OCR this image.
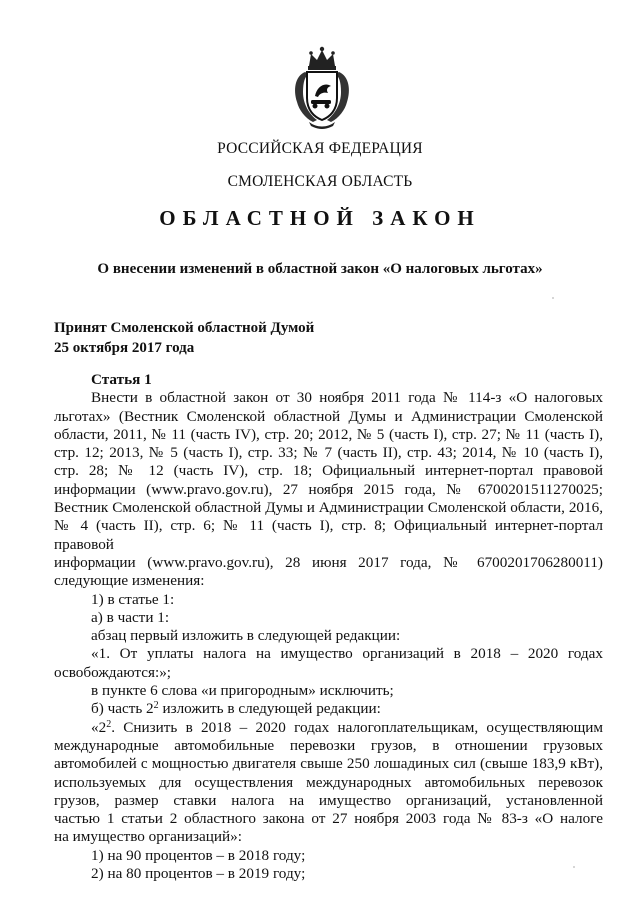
РОССИЙСКАЯ ФЕДЕРАЦИЯ
СМОЛЕНСКАЯ ОБЛАСТЬ
ОБЛАСТНОЙ ЗАКОН
О внесении изменений в областной закон «О налоговых льготах»
Принят Смоленской областной Думой
25 октября 2017 года

Статья 1

Внести в областной закон от 30 ноября 2011 года № 114-з «О налоговых

льготах» (Вестник Смоленской областной Думы и Администрации Смоленской

области, 2011, № 11 (часть IV), стр. 20; 2012, № 5 (часть I), стр. 27; № 11 (часть I),

стр. 12; 2013, № 5 (часть I), стр. 33; № 7 (часть II), стр. 43; 2014, № 10 (часть I),

стр. 28; № 12 (часть IV), стр. 18; Официальный интернет-портал правовой

информации (www.pravo.gov.ru), 27 ноября 2015 года, № 6700201511270025;

Вестник Смоленской областной Думы и Администрации Смоленской области, 2016,

№ 4 (часть II), стр. 6; № 11 (часть I), стр. 8; Официальный интернет-портал правовой

информации (www.pravo.gov.ru), 28 июня 2017 года, № 6700201706280011)

следующие изменения:

1) в статье 1:

а) в части 1:

абзац первый изложить в следующей редакции:

«1. От уплаты налога на имущество организаций в 2018 – 2020 годах

освобождаются:»;

в пункте 6 слова «и пригородным» исключить;

б) часть $2^2$ изложить в следующей редакции:

«$2^2$. Снизить в 2018 – 2020 годах налогоплательщикам, осуществляющим

международные автомобильные перевозки грузов, в отношении грузовых

автомобилей с мощностью двигателя свыше 250 лошадиных сил (свыше 183,9 кВт),

используемых для осуществления международных автомобильных перевозок

грузов, размер ставки налога на имущество организаций, установленной

частью 1 статьи 2 областного закона от 27 ноября 2003 года № 83-з «О налоге

на имущество организаций»:

1) на 90 процентов – в 2018 году;

2) на 80 процентов – в 2019 году;
